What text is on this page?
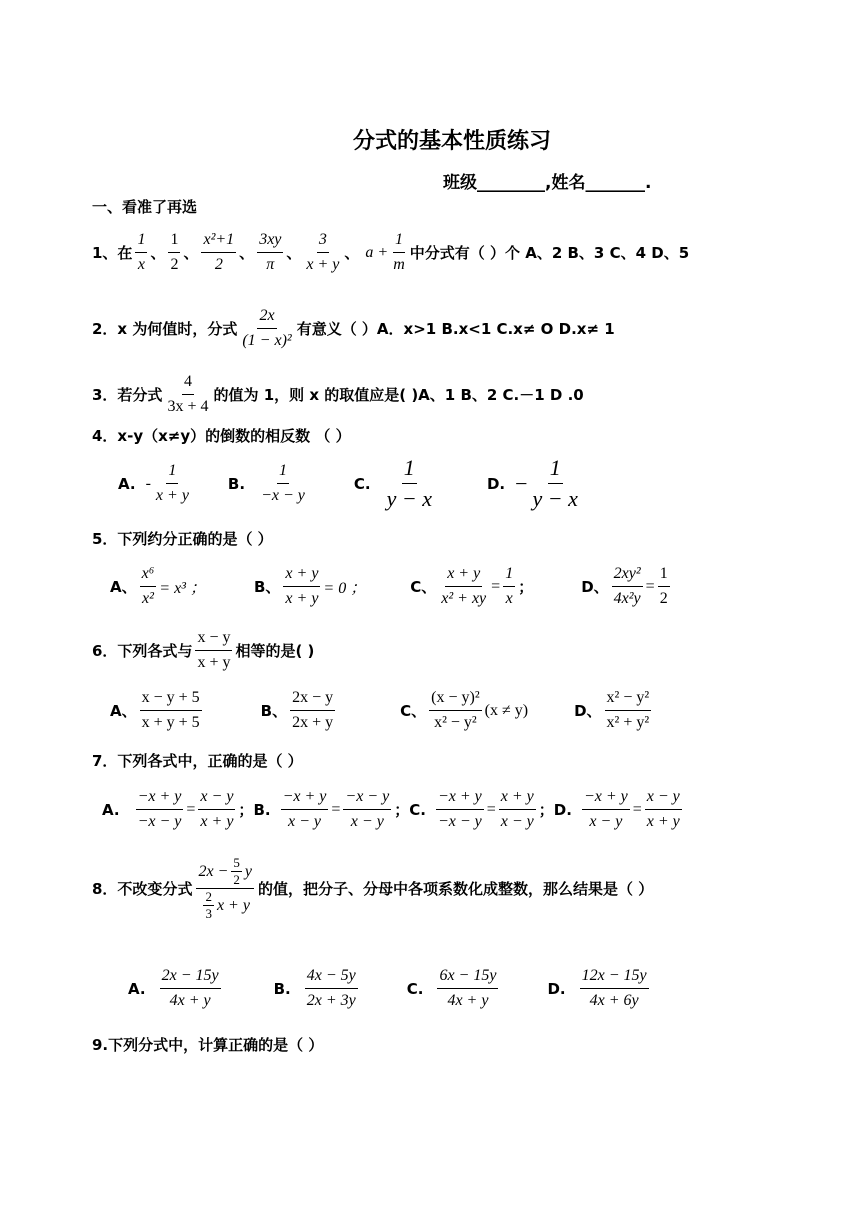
分式的基本性质练习
班级________,姓名_______.
一、看准了再选
1、在 $\frac{1}{x}$ 、 $\frac{1}{2}$ 、 $\frac{\text{x²+1}}{2}$ 、 $\frac{3xy}{\pi}$ 、 $\frac{3}{x + y}$ 、 $a + \frac{1}{m}$ 中分式有（ ）个 A、2 B、3 C、4 D、5
2．x 为何值时，分式 $\frac{2x}{\text{(1 − x)²}}$ 有意义（ ）A．x>1 B.x<1 C.x≠ O D.x≠ 1
3．若分式 $\frac{4}{3x + 4}$ 的值为 1，则 x 的取值应是( )A、1 B、2 C.－1 D .0
4．x-y（x≠y）的倒数的相反数 （ ）
A. - $\frac{1}{x + y} B$. $\frac{1}{-x - y}$	C. $\frac{1}{y - x}$	D. − $\frac{1}{y - x}$
5．下列约分正确的是（ ）
A、 $\frac{\text{x⁶}}{\text{x²}} = x^3$ ；	B、 $\frac{x + y}{x + y} = 0$ ；	C、 $\frac{x + y}{\text{x² + xy}} = \frac{1}{x}$ ；	D、 $\frac{\text{2xy²}}{\text{4x²y}} = \frac{1}{2}$
6．下列各式与 $\frac{x - y}{x + y}$ 相等的是( )
A、 $\frac{x - y + 5}{x + y + 5}$	B、 $\frac{2x - y}{2x + y}$	C、 $\frac{\text{(x − y)²}}{\text{x² − y²}} (x \ne y)$	D、 $\frac{\text{x² − y²}}{\text{x² + y²}}$
7．下列各式中，正确的是（ ）
A. $\frac{-x + y}{-x - y} = \frac{x - y}{x + y}$ ； B. $\frac{-x + y}{x - y} = \frac{-x - y}{x - y}$ ； C. $\frac{-x + y}{-x - y} = \frac{x + y}{x - y}$ ； D. $\frac{-x + y}{x - y} = \frac{x - y}{x + y}$
8．不改变分式
$2x - \frac{5}{2}$ y
$\frac{2}{3}$ x + y
的值，把分子、分母中各项系数化成整数，那么结果是（ ）
A. $\frac{2x - 15y}{4x + y}$	B. $\frac{4x - 5y}{2x + 3y}$	C. $\frac{6x - 15y}{4x + y}$	D. $\frac{12x - 15y}{4x + 6y}$
9.下列分式中，计算正确的是（ ）
